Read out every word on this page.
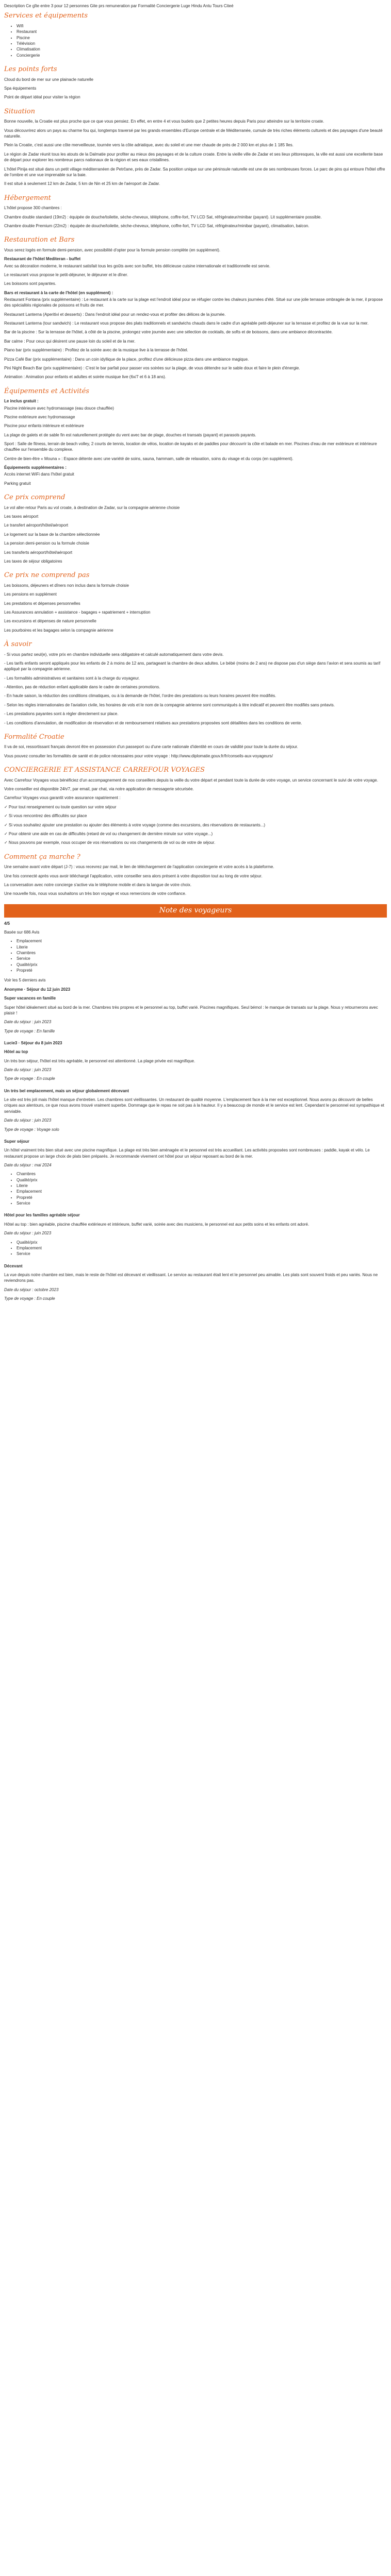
Description Ce gîte entre 3 pour 12 personnes Gite prs remuneration par Formalité Conciergerie Luge Hindu Antu Tours Citeé

Services et équipements
• Wifi
• Restaurant
• Piscine
• Télévision
• Climatisation
• Conciergerie
Les points forts

Cloud du bord de mer sur une plainacle naturelle

Spa équipements

Point de départ idéal pour visiter la région

Situation

Bonne nouvelle, la Croatie est plus proche que ce que vous pensiez. En effet, en entre 4 et vous budets que 2 petites heures depuis Paris pour atteindre sur la territoire croate.

Vous découvrirez alors un pays au charme fou qui, longtemps traversé par les grands ensembles d'Europe centrale et de Méditerranée, cumule de très riches éléments culturels et des paysages d'une beauté naturelle.

Plein la Croatie, c'est aussi une côte merveilleuse, tournée vers la côte adriatique, avec du soleil et une mer chaude de près de 2 000 km et plus de 1 185 îles.

Le région de Zadar réunit tous les atouts de la Dalmatie pour profiter au mieux des paysages et de la culture croate. Entre la vieille ville de Zadar et ses lieux pittoresques, la ville est aussi une excellente base de départ pour explorer les nombreux parcs nationaux de la région et ses eaux cristallines.

L'hôtel Pinija est situé dans un petit village méditerranéen de Petrčane, près de Zadar. Sa position unique sur une péninsule naturelle est une de ses nombreuses forces. Le parc de pins qui entoure l'hôtel offre de l'ombre et une vue imprenable sur la baie.

Il est situé à seulement 12 km de Zadar, 5 km de Nin et 25 km de l'aéroport de Zadar.

Hébergement

L'hôtel propose 300 chambres :

Chambre double standard (19m2) : équipée de douche/toilette, sèche-cheveux, téléphone, coffre-fort, TV LCD Sat, réfrigérateur/minibar (payant). Lit supplémentaire possible.

Chambre double Premium (22m2) : équipée de douche/toilette, sèche-cheveux, téléphone, coffre-fort, TV LCD Sat, réfrigérateur/minibar (payant), climatisation, balcon.

Restauration et Bars

Vous serez logés en formule demi-pension, avec possibilité d'opter pour la formule pension complète (en supplément).

Restaurant de l'hôtel Mediteran - buffet

Avec sa décoration moderne, le restaurant satisfait tous les goûts avec son buffet, très délicieuse cuisine internationale et traditionnelle est servie.

Le restaurant vous propose le petit-déjeuner, le déjeuner et le dîner.

Les boissons sont payantes.

Bars et restaurant à la carte de l'hôtel (en supplément) :

Restaurant Fontana (prix supplémentaire) : Le restaurant à la carte sur la plage est l'endroit idéal pour se réfugier contre les chaleurs journées d'été. Situé sur une jolie terrasse ombragée de la mer, il propose des spécialités régionales de poissons et fruits de mer.

Restaurant Lanterna (Aperitivi et desserts) : Dans l'endroit idéal pour un rendez-vous et profiter des délices de la journée.

Restaurant Lanterna (tour sandwich) : Le restaurant vous propose des plats traditionnels et sandwichs chauds dans le cadre d'un agréable petit-déjeuner sur la terrasse et profitez de la vue sur la mer.

Bar de la piscine : Sur la terrasse de l'hôtel, à côté de la piscine, prolongez votre journée avec une sélection de cocktails, de softs et de boissons, dans une ambiance décontractée.

Bar calme : Pour ceux qui désirent une pause loin du soleil et de la mer.

Piano bar (prix supplémentaire) : Profitez de la soirée avec de la musique live à la terrasse de l'hôtel.

Pizza Café Bar (prix supplémentaire) : Dans un coin idyllique de la place, profitez d'une délicieuse pizza dans une ambiance magique.

Pini Night Beach Bar (prix supplémentaire) : C'est le bar parfait pour passer vos soirées sur la plage, de vous détendre sur le sable doux et faire le plein d'énergie.

Animation : Animation pour enfants et adultes et soirée musique live (6x/7 et 6 à 18 ans).

Équipements et Activités
Le inclus gratuit :

Piscine intérieure avec hydromassage (eau douce chauffée)

Piscine extérieure avec hydromassage

Piscine pour enfants intérieure et extérieure

La plage de galets et de sable fin est naturellement protégée du vent avec bar de plage, douches et transats (payant) et parasols payants.

Sport : Salle de fitness, terrain de beach volley, 2 courts de tennis, location de vélos, location de kayaks et de paddles pour découvrir la côte et balade en mer. Piscines d'eau de mer extérieure et intérieure chauffée sur l'ensemble du complexe.

Centre de bien-être « Mouna » : Espace détente avec une variété de soins, sauna, hammam, salle de relaxation, soins du visage et du corps (en supplément).

Équipements supplémentaires :

Accès internet WiFi dans l'hôtel gratuit

Parking gratuit

Ce prix comprend

Le vol aller-retour Paris au vol croate, à destination de Zadar, sur la compagnie aérienne choisie

Les taxes aéroport

Le transfert aéroport/hôtel/aéroport

Le logement sur la base de la chambre sélectionnée

La pension demi-pension ou la formule choisie

Les transferts aéroport/hôtel/aéroport

Les taxes de séjour obligatoires

Ce prix ne comprend pas

Les boissons, déjeuners et dîners non inclus dans la formule choisie

Les pensions en supplément

Les prestations et dépenses personnelles

Les Assurances annulation + assistance - bagages + rapatriement + interruption

Les excursions et dépenses de nature personnelle

Les pourboires et les bagages selon la compagnie aérienne

À savoir

- Si vous partez seul(e), votre prix en chambre individuelle sera obligatoire et calculé automatiquement dans votre devis.

- Les tarifs enfants seront appliqués pour les enfants de 2 à moins de 12 ans, partageant la chambre de deux adultes. Le bébé (moins de 2 ans) ne dispose pas d'un siège dans l'avion et sera soumis au tarif appliqué par la compagnie aérienne.

- Les formalités administratives et sanitaires sont à la charge du voyageur.

- Attention, pas de réduction enfant applicable dans le cadre de certaines promotions.

- En haute saison, la réduction des conditions climatiques, ou à la demande de l'hôtel, l'ordre des prestations ou leurs horaires peuvent être modifiés.

- Selon les règles internationales de l'aviation civile, les horaires de vols et le nom de la compagnie aérienne sont communiqués à titre indicatif et peuvent être modifiés sans préavis.

- Les prestations payantes sont à régler directement sur place.

- Les conditions d'annulation, de modification de réservation et de remboursement relatives aux prestations proposées sont détaillées dans les conditions de vente.

Formalité Croatie

Il va de soi, ressortissant français devront être en possession d'un passeport ou d'une carte nationale d'identité en cours de validité pour toute la durée du séjour.

Vous pouvez consulter les formalités de santé et de police nécessaires pour votre voyage : http://www.diplomatie.gouv.fr/fr/conseils-aux-voyageurs/

CONCIERGERIE ET ASSISTANCE CARREFOUR VOYAGES

Avec Carrefour Voyages vous bénéficiez d'un accompagnement de nos conseillers depuis la veille du votre départ et pendant toute la durée de votre voyage, un service concernant le suivi de votre voyage.

Votre conseiller est disponible 24h/7, par email, par chat, via notre application de messagerie sécurisée.

Carrefour Voyages vous garantit votre assurance rapatriement :

✓ Pour tout renseignement ou toute question sur votre séjour

✓ Si vous rencontrez des difficultés sur place

✓ Si vous souhaitez ajouter une prestation ou ajouter des éléments à votre voyage (comme des excursions, des réservations de restaurants...)

✓ Pour obtenir une aide en cas de difficultés (retard de vol ou changement de dernière minute sur votre voyage...)

✓ Nous pouvons par exemple, nous occuper de vos réservations ou vos changements de vol ou de votre de séjour.

Comment ça marche ?

Une semaine avant votre départ (J-7) : vous recevrez par mail, le lien de téléchargement de l'application conciergerie et votre accès à la plateforme.

Une fois connecté après vous avoir téléchargé l'application, votre conseiller sera alors présent à votre disposition tout au long de votre séjour.

La conversation avec notre concierge s'active via le téléphone mobile et dans la langue de votre choix.

Une nouvelle fois, nous vous souhaitons un très bon voyage et vous remercions de votre confiance.

Note des voyageurs

4/5

Basée sur 686 Avis

• Emplacement
• Literie
• Chambres
• Service
• Qualité/prix
• Propreté

Voir les 5 derniers avis

Anonyme · Séjour du 12 juin 2023

Super vacances en famille

Super hôtel idéalement situé au bord de la mer. Chambres très propres et le personnel au top, buffet varié. Piscines magnifiques. Seul bémol : le manque de transats sur la plage. Nous y retournerons avec plaisir !

Date du séjour : juin 2023

Type de voyage : En famille

Lucie3 · Séjour du 8 juin 2023

Hôtel au top

Un très bon séjour, l'hôtel est très agréable, le personnel est attentionné. La plage privée est magnifique.

Date du séjour : juin 2023

Type de voyage : En couple

Un très bel emplacement, mais un séjour globalement décevant

Le site est très joli mais l'hôtel manque d'entretien. Les chambres sont vieillissantes. Un restaurant de qualité moyenne. L'emplacement face à la mer est exceptionnel. Nous avons pu découvrir de belles criques aux alentours, ce que nous avons trouvé vraiment superbe. Dommage que le repas ne soit pas à la hauteur. Il y a beaucoup de monde et le service est lent. Cependant le personnel est sympathique et serviable.

Date du séjour : juin 2023

Type de voyage : Voyage solo

Super séjour

Un hôtel vraiment très bien situé avec une piscine magnifique. La plage est très bien aménagée et le personnel est très accueillant. Les activités proposées sont nombreuses : paddle, kayak et vélo. Le restaurant propose un large choix de plats bien préparés. Je recommande vivement cet hôtel pour un séjour reposant au bord de la mer.

Date du séjour : mai 2024

• Chambres
• Qualité/prix
• Literie
• Emplacement
• Propreté
• Service

Hôtel pour les familles agréable séjour

Hôtel au top : bien agréable, piscine chauffée extérieure et intérieure, buffet varié, soirée avec des musiciens, le personnel est aux petits soins et les enfants ont adoré.

Date du séjour : juin 2023

• Qualité/prix
• Emplacement
• Service

Décevant

La vue depuis notre chambre est bien, mais le reste de l'hôtel est décevant et vieillissant. Le service au restaurant était lent et le personnel peu aimable. Les plats sont souvent froids et peu variés. Nous ne reviendrons pas.

Date du séjour : octobre 2023

Type de voyage : En couple
